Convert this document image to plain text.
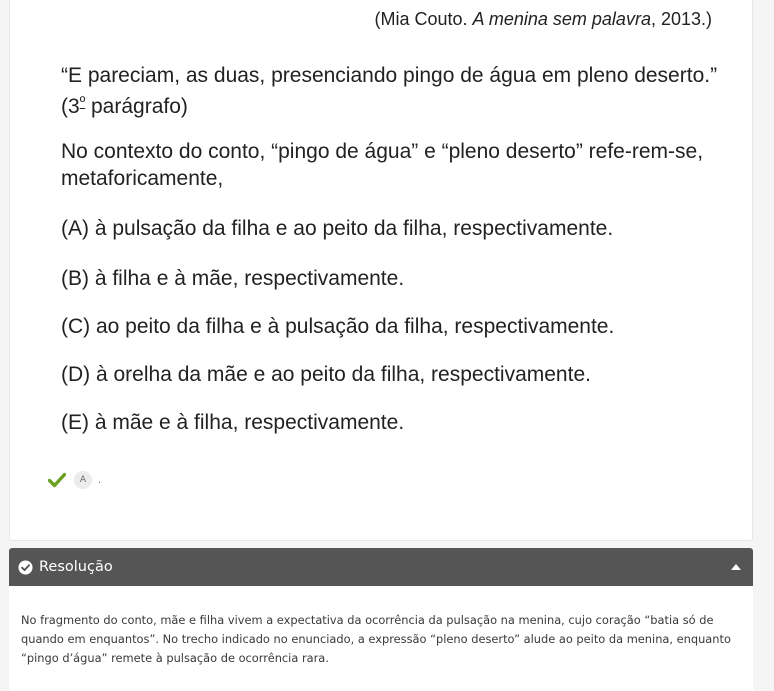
(Mia Couto. A menina sem palavra, 2013.)
“E pareciam, as duas, presenciando pingo de água em pleno deserto.” ($3^º$ parágrafo)
No contexto do conto, “pingo de água” e “pleno deserto” refe-rem-se, metaforicamente,
(A) à pulsação da filha e ao peito da filha, respectivamente.
(B) à filha e à mãe, respectivamente.
(C) ao peito da filha e à pulsação da filha, respectivamente.
(D) à orelha da mãe e ao peito da filha, respectivamente.
(E) à mãe e à filha, respectivamente.
A	.
Resolução
No fragmento do conto, mãe e filha vivem a expectativa da ocorrência da pulsação na menina, cujo coração “batia só de quando em enquantos”. No trecho indicado no enunciado, a expressão “pleno deserto” alude ao peito da menina, enquanto “pingo d’água” remete à pulsação de ocorrência rara.
